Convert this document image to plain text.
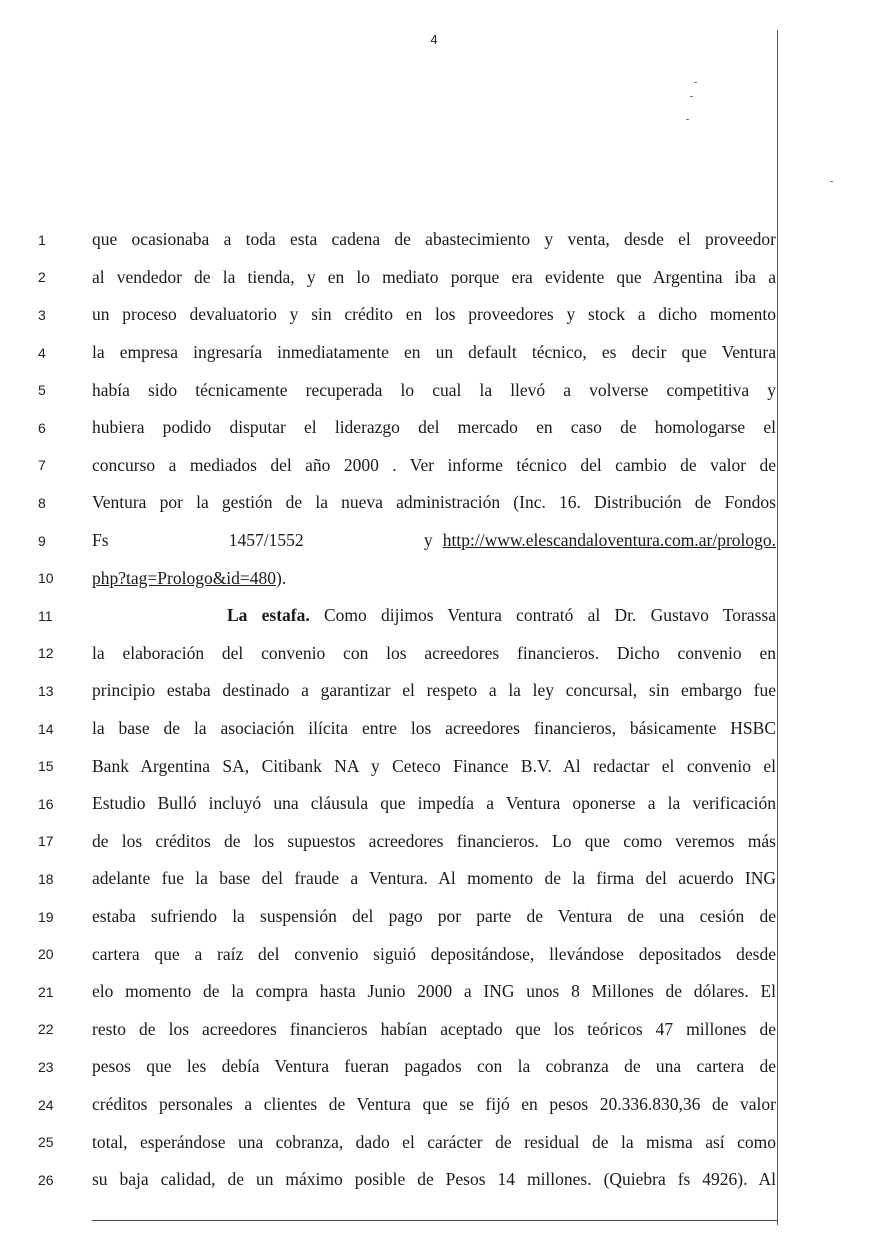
4
1	que ocasionaba a toda esta cadena de abastecimiento y venta, desde el proveedor
2	al vendedor de la tienda, y en lo mediato porque era evidente que Argentina iba a
3	un proceso devaluatorio y sin crédito en los proveedores y stock a dicho momento
4	la empresa ingresaría inmediatamente en un default técnico, es decir que Ventura
5	había sido técnicamente recuperada lo cual la llevó a volverse competitiva y
6	hubiera podido disputar el liderazgo del mercado en caso de homologarse el
7	concurso a mediados del año 2000 . Ver informe técnico del cambio de valor de
8	Ventura por la gestión de la nueva administración (Inc. 16. Distribución de Fondos
9	Fs 1457/1552 y http://www.elescandaloventura.com.ar/prologo.
10	php?tag=Prologo&id=480).
11	La estafa. Como dijimos Ventura contrató al Dr. Gustavo Torassa
12	la elaboración del convenio con los acreedores financieros. Dicho convenio en
13	principio estaba destinado a garantizar el respeto a la ley concursal, sin embargo fue
14	la base de la asociación ilícita entre los acreedores financieros, básicamente HSBC
15	Bank Argentina SA, Citibank NA y Ceteco Finance B.V. Al redactar el convenio el
16	Estudio Bulló incluyó una cláusula que impedía a Ventura oponerse a la verificación
17	de los créditos de los supuestos acreedores financieros. Lo que como veremos más
18	adelante fue la base del fraude a Ventura. Al momento de la firma del acuerdo ING
19	estaba sufriendo la suspensión del pago por parte de Ventura de una cesión de
20	cartera que a raíz del convenio siguió depositándose, llevándose depositados desde
21	elo momento de la compra hasta Junio 2000 a ING unos 8 Millones de dólares. El
22	resto de los acreedores financieros habían aceptado que los teóricos 47 millones de
23	pesos que les debía Ventura fueran pagados con la cobranza de una cartera de
24	créditos personales a clientes de Ventura que se fijó en pesos 20.336.830,36 de valor
25	total, esperándose una cobranza, dado el carácter de residual de la misma así como
26	su baja calidad, de un máximo posible de Pesos 14 millones. (Quiebra fs 4926). Al
